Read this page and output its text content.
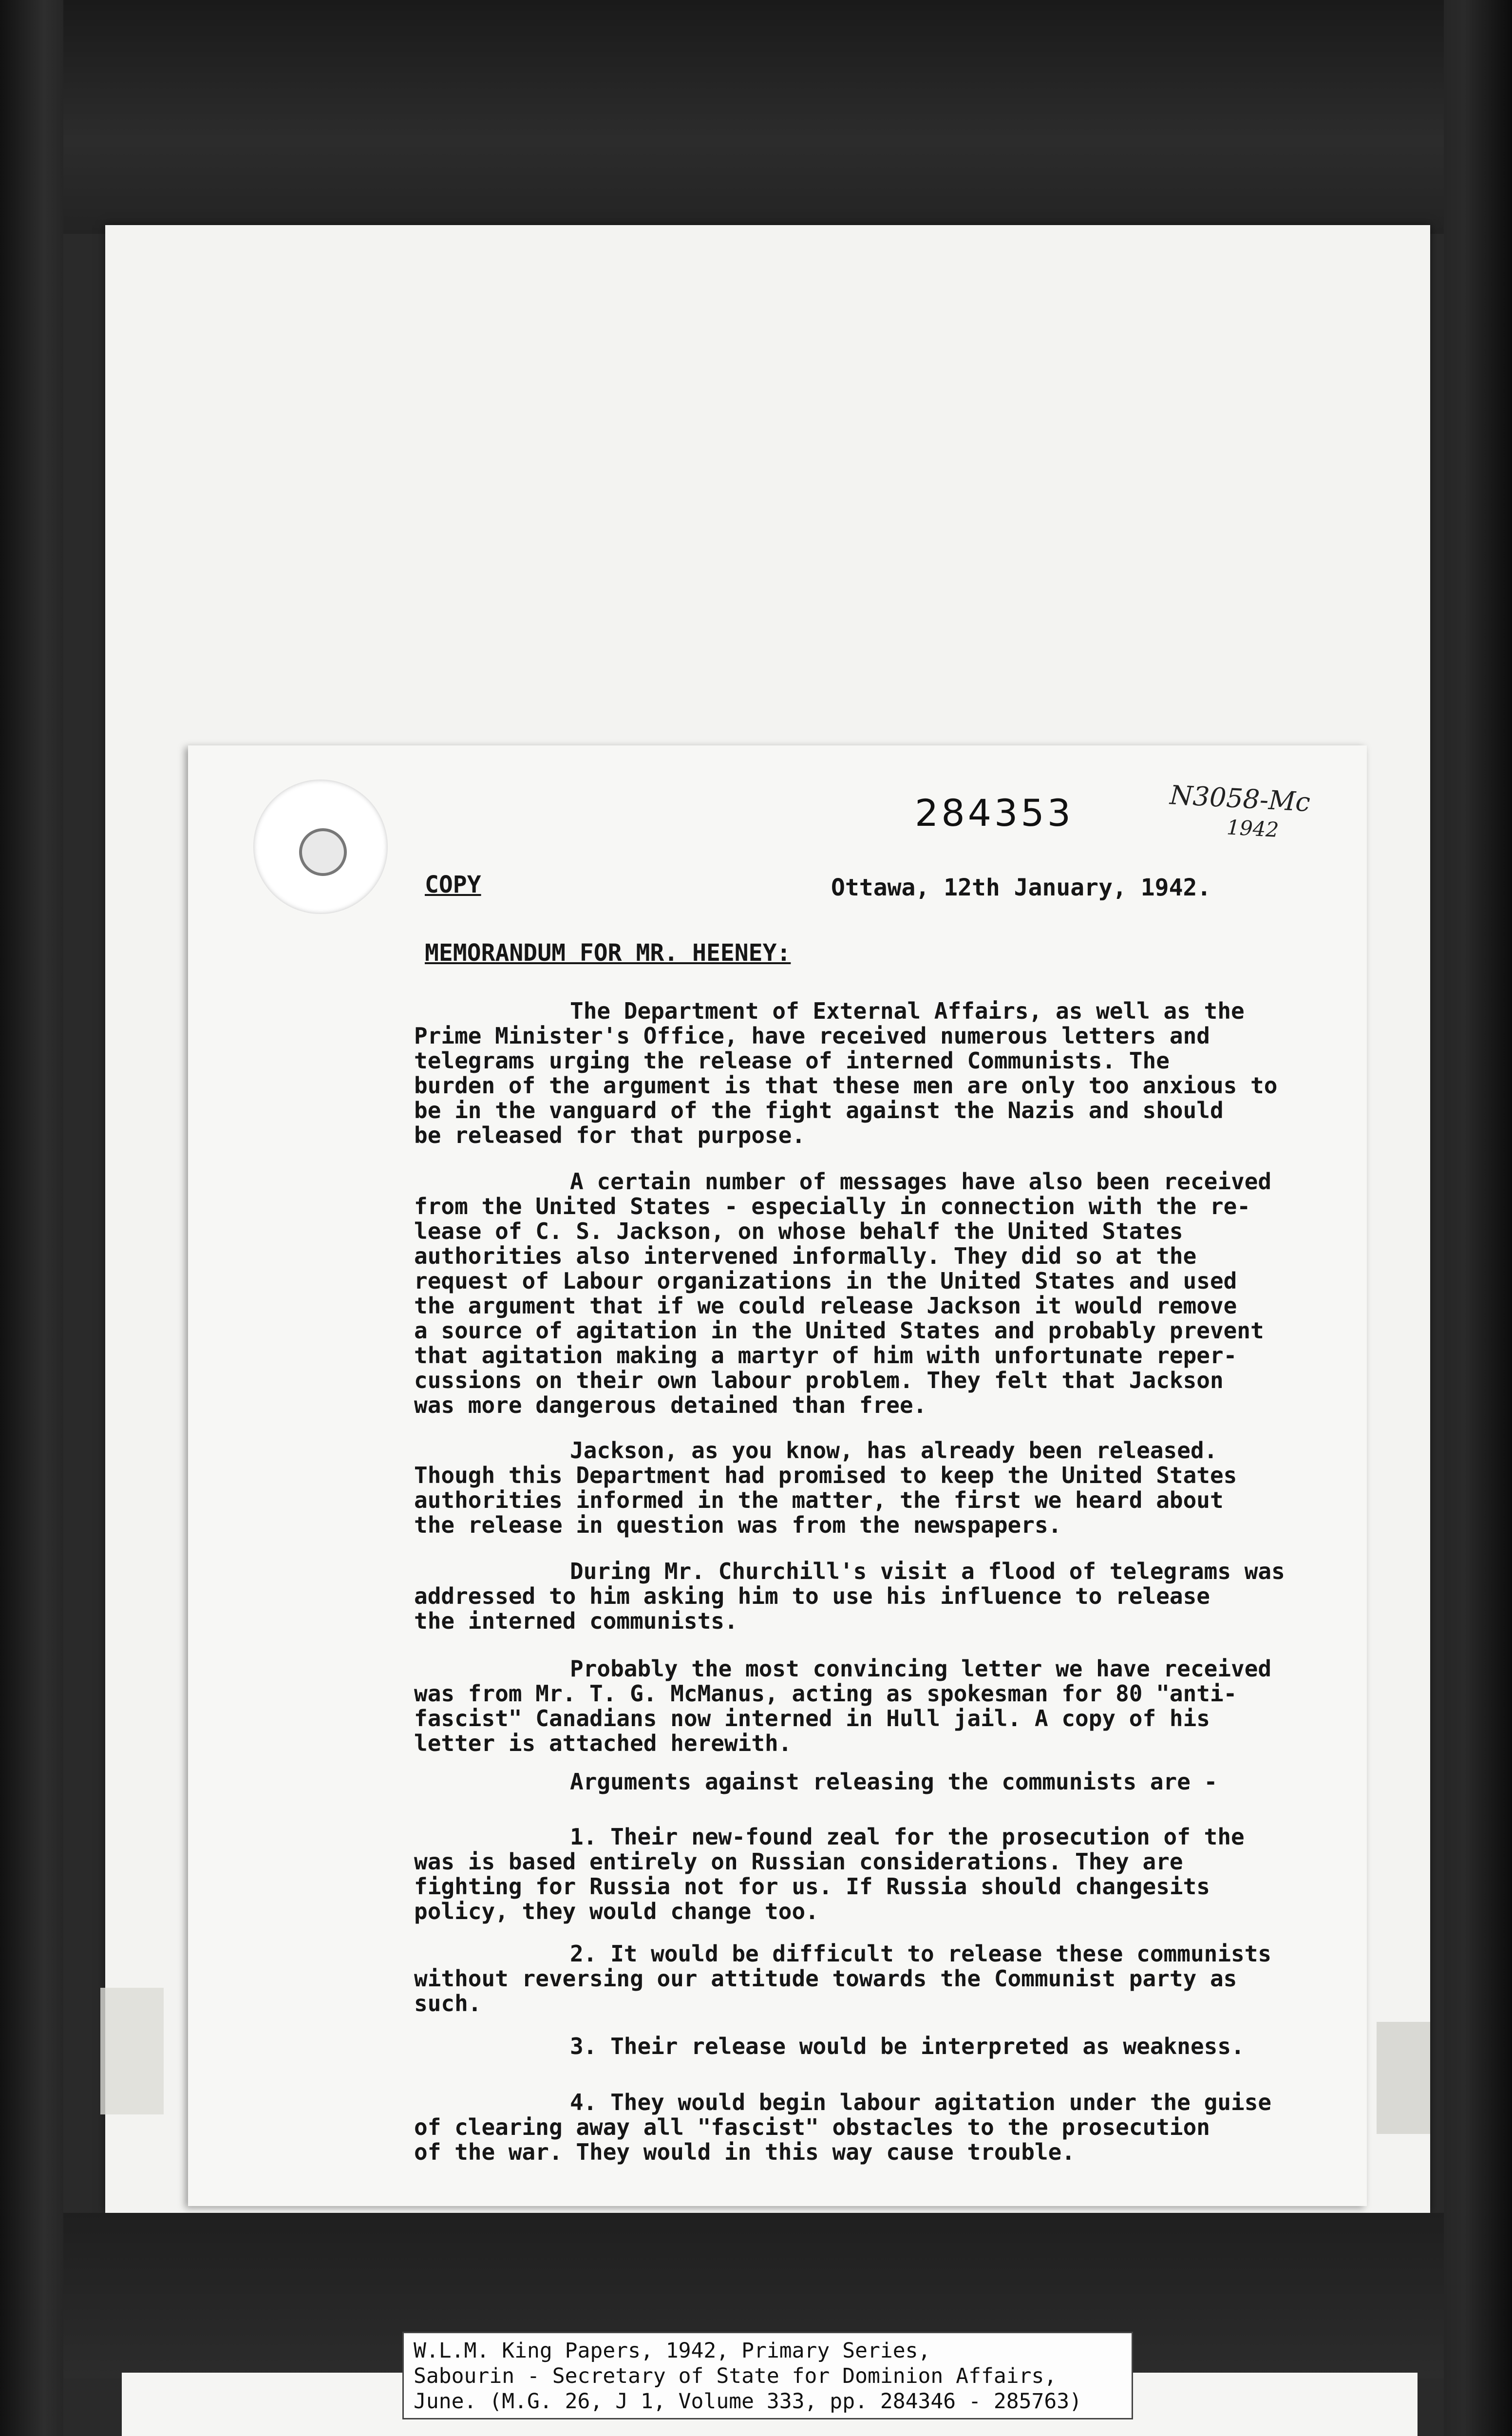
284353	N3058-Mc
1942
COPY	Ottawa, 12th January, 1942.
MEMORANDUM FOR MR. HEENEY:
The Department of External Affairs, as well as the
Prime Minister's Office, have received numerous letters and
telegrams urging the release of interned Communists. The
burden of the argument is that these men are only too anxious to
be in the vanguard of the fight against the Nazis and should
be released for that purpose.
A certain number of messages have also been received
from the United States - especially in connection with the re-
lease of C. S. Jackson, on whose behalf the United States
authorities also intervened informally. They did so at the
request of Labour organizations in the United States and used
the argument that if we could release Jackson it would remove
a source of agitation in the United States and probably prevent
that agitation making a martyr of him with unfortunate reper-
cussions on their own labour problem. They felt that Jackson
was more dangerous detained than free.
Jackson, as you know, has already been released.
Though this Department had promised to keep the United States
authorities informed in the matter, the first we heard about
the release in question was from the newspapers.
During Mr. Churchill's visit a flood of telegrams was
addressed to him asking him to use his influence to release
the interned communists.
Probably the most convincing letter we have received
was from Mr. T. G. McManus, acting as spokesman for 80 "anti-
fascist" Canadians now interned in Hull jail. A copy of his
letter is attached herewith.
Arguments against releasing the communists are -
1. Their new-found zeal for the prosecution of the
was is based entirely on Russian considerations. They are
fighting for Russia not for us. If Russia should changesits
policy, they would change too.
2. It would be difficult to release these communists
without reversing our attitude towards the Communist party as
such.
3. Their release would be interpreted as weakness.
4. They would begin labour agitation under the guise
of clearing away all "fascist" obstacles to the prosecution
of the war. They would in this way cause trouble.
W.L.M. King Papers, 1942, Primary Series,
Sabourin - Secretary of State for Dominion Affairs,
June. (M.G. 26, J 1, Volume 333, pp. 284346 - 285763)
